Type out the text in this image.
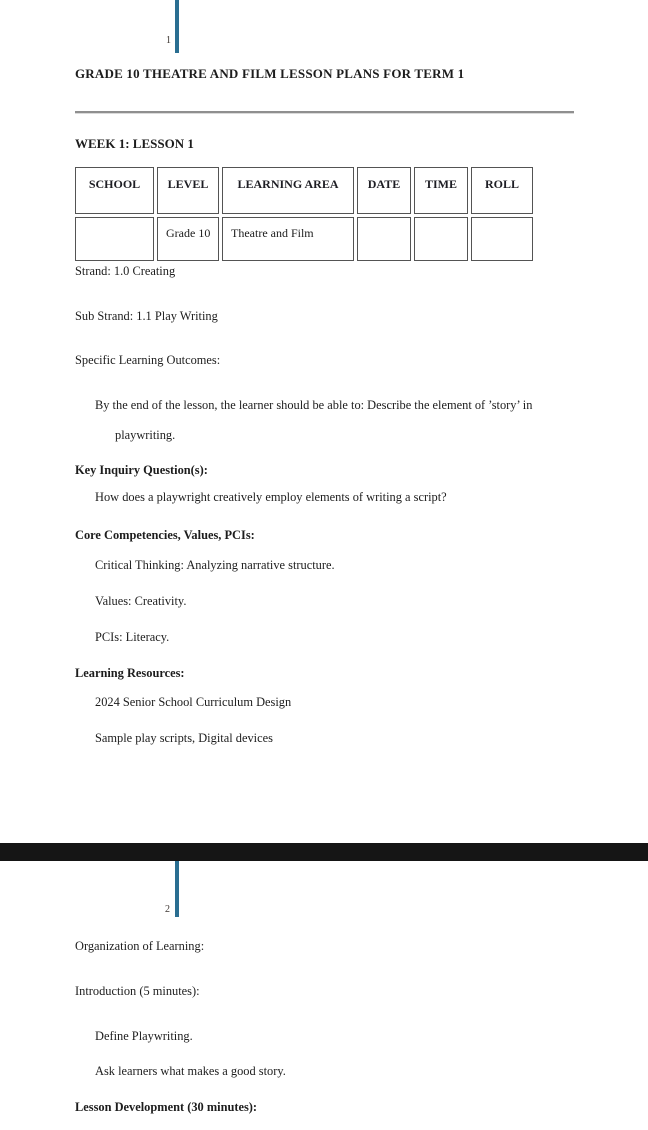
1
GRADE 10 THEATRE AND FILM LESSON PLANS FOR TERM 1
WEEK 1: LESSON 1
SCHOOL	LEVEL	LEARNING AREA	DATE	TIME	ROLL
	Grade 10	Theatre and Film			
Strand: 1.0 Creating
Sub Strand: 1.1 Play Writing
Specific Learning Outcomes:
By the end of the lesson, the learner should be able to: Describe the element of ’story’ in
playwriting.
Key Inquiry Question(s):
How does a playwright creatively employ elements of writing a script?
Core Competencies, Values, PCIs:
Critical Thinking: Analyzing narrative structure.
Values: Creativity.
PCIs: Literacy.
Learning Resources:
2024 Senior School Curriculum Design
Sample play scripts, Digital devices
2
Organization of Learning:
Introduction (5 minutes):
Define Playwriting.
Ask learners what makes a good story.
Lesson Development (30 minutes):
